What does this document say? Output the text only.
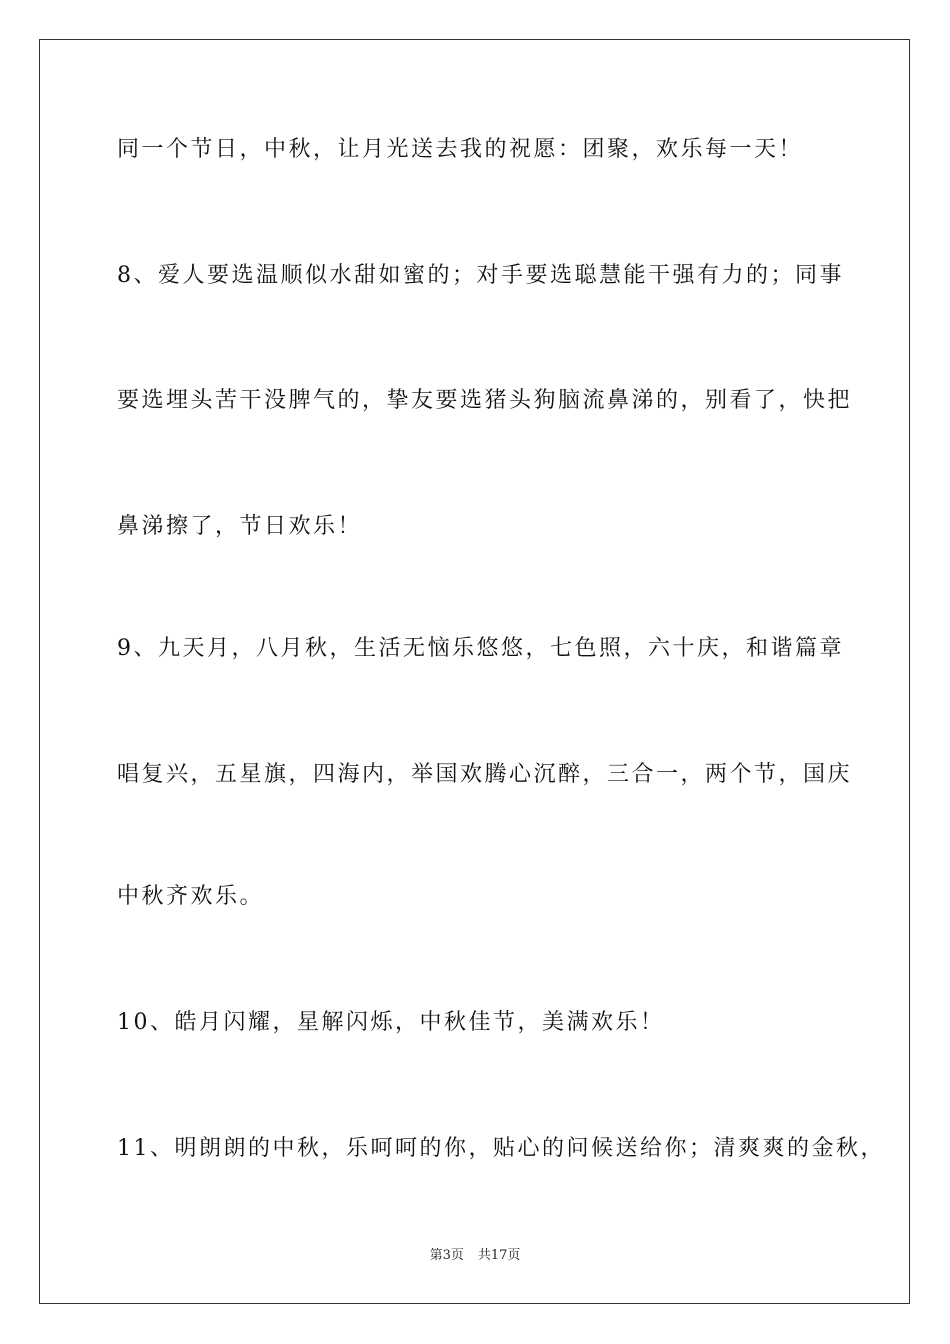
同一个节日，中秋，让月光送去我的祝愿：团聚，欢乐每一天！
8、爱人要选温顺似水甜如蜜的；对手要选聪慧能干强有力的；同事
要选埋头苦干没脾气的，挚友要选猪头狗脑流鼻涕的，别看了，快把
鼻涕擦了，节日欢乐！
9、九天月，八月秋，生活无恼乐悠悠，七色照，六十庆，和谐篇章
唱复兴，五星旗，四海内，举国欢腾心沉醉，三合一，两个节，国庆
中秋齐欢乐。
10、皓月闪耀，星解闪烁，中秋佳节，美满欢乐！
11、明朗朗的中秋，乐呵呵的你，贴心的问候送给你；清爽爽的金秋，
第3页 共17页
